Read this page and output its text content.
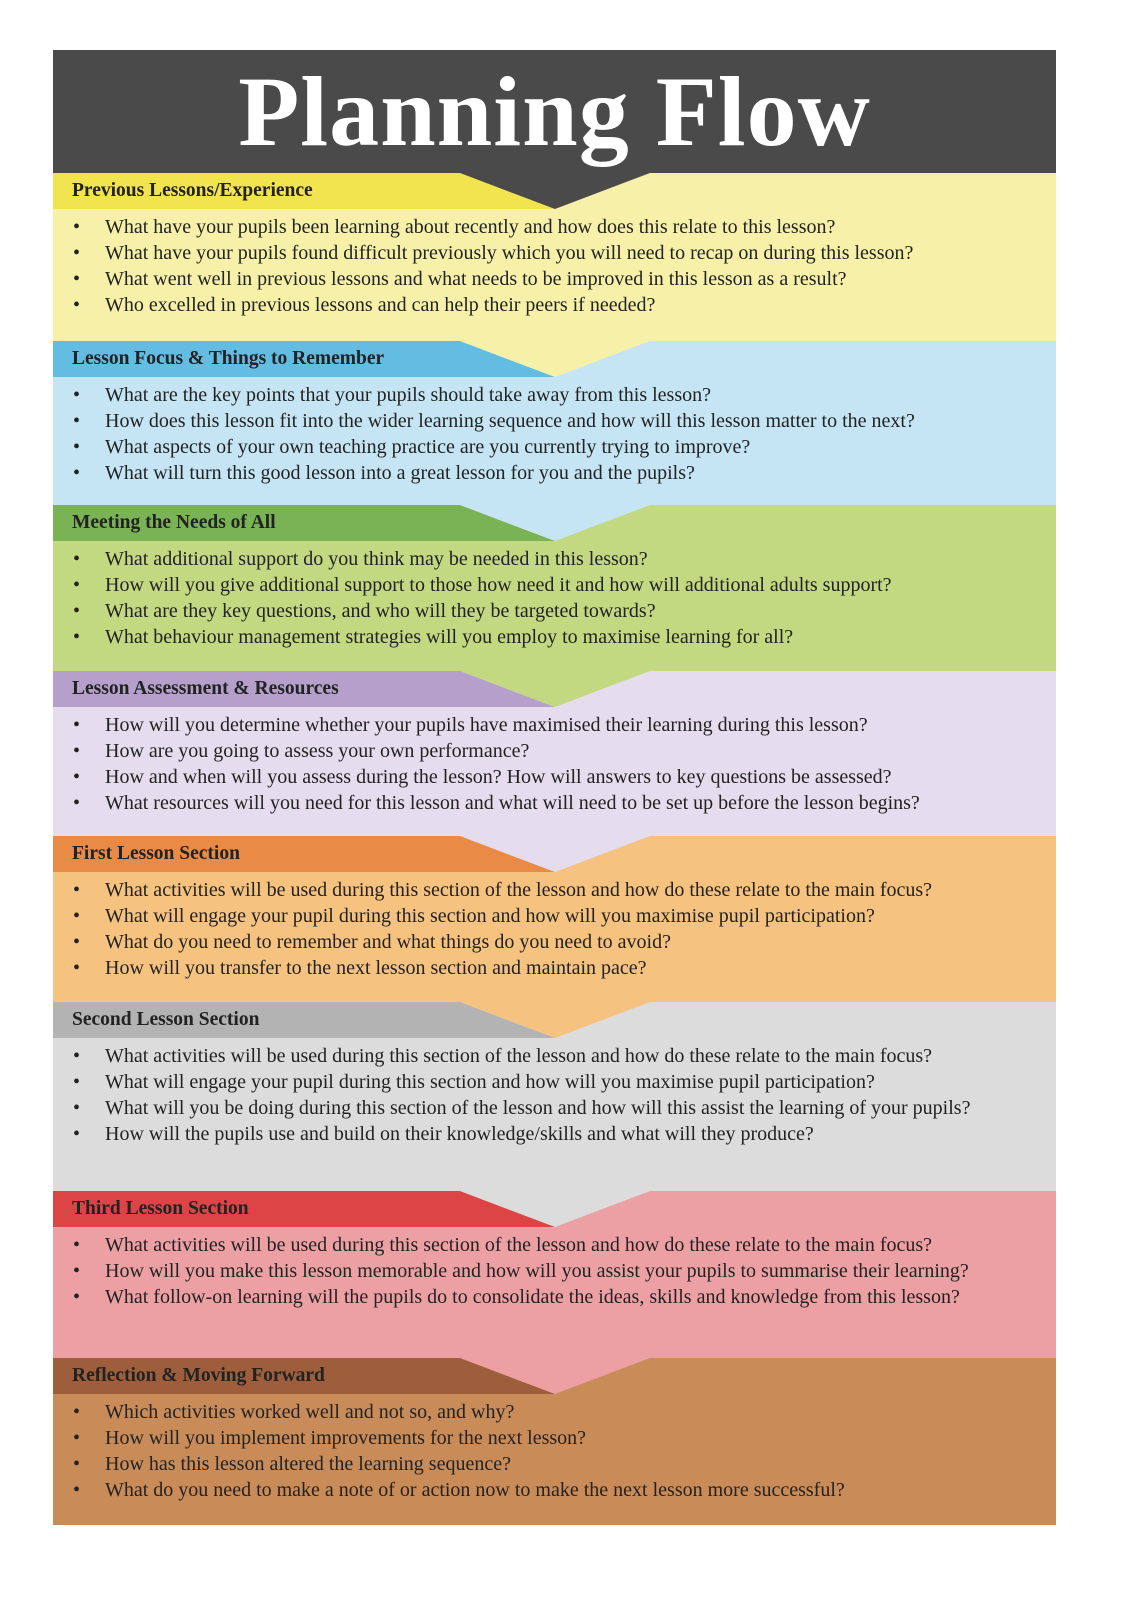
Planning Flow
Previous Lessons/Experience
• What have your pupils been learning about recently and how does this relate to this lesson?
• What have your pupils found difficult previously which you will need to recap on during this lesson?
• What went well in previous lessons and what needs to be improved in this lesson as a result?
• Who excelled in previous lessons and can help their peers if needed?
Lesson Focus & Things to Remember
• What are the key points that your pupils should take away from this lesson?
• How does this lesson fit into the wider learning sequence and how will this lesson matter to the next?
• What aspects of your own teaching practice are you currently trying to improve?
• What will turn this good lesson into a great lesson for you and the pupils?
Meeting the Needs of All
• What additional support do you think may be needed in this lesson?
• How will you give additional support to those how need it and how will additional adults support?
• What are they key questions, and who will they be targeted towards?
• What behaviour management strategies will you employ to maximise learning for all?
Lesson Assessment & Resources
• How will you determine whether your pupils have maximised their learning during this lesson?
• How are you going to assess your own performance?
• How and when will you assess during the lesson? How will answers to key questions be assessed?
• What resources will you need for this lesson and what will need to be set up before the lesson begins?
First Lesson Section
• What activities will be used during this section of the lesson and how do these relate to the main focus?
• What will engage your pupil during this section and how will you maximise pupil participation?
• What do you need to remember and what things do you need to avoid?
• How will you transfer to the next lesson section and maintain pace?
Second Lesson Section
• What activities will be used during this section of the lesson and how do these relate to the main focus?
• What will engage your pupil during this section and how will you maximise pupil participation?
• What will you be doing during this section of the lesson and how will this assist the learning of your pupils?
• How will the pupils use and build on their knowledge/skills and what will they produce?
Third Lesson Section
• What activities will be used during this section of the lesson and how do these relate to the main focus?
• How will you make this lesson memorable and how will you assist your pupils to summarise their learning?
• What follow-on learning will the pupils do to consolidate the ideas, skills and knowledge from this lesson?
Reflection & Moving Forward
• Which activities worked well and not so, and why?
• How will you implement improvements for the next lesson?
• How has this lesson altered the learning sequence?
• What do you need to make a note of or action now to make the next lesson more successful?
